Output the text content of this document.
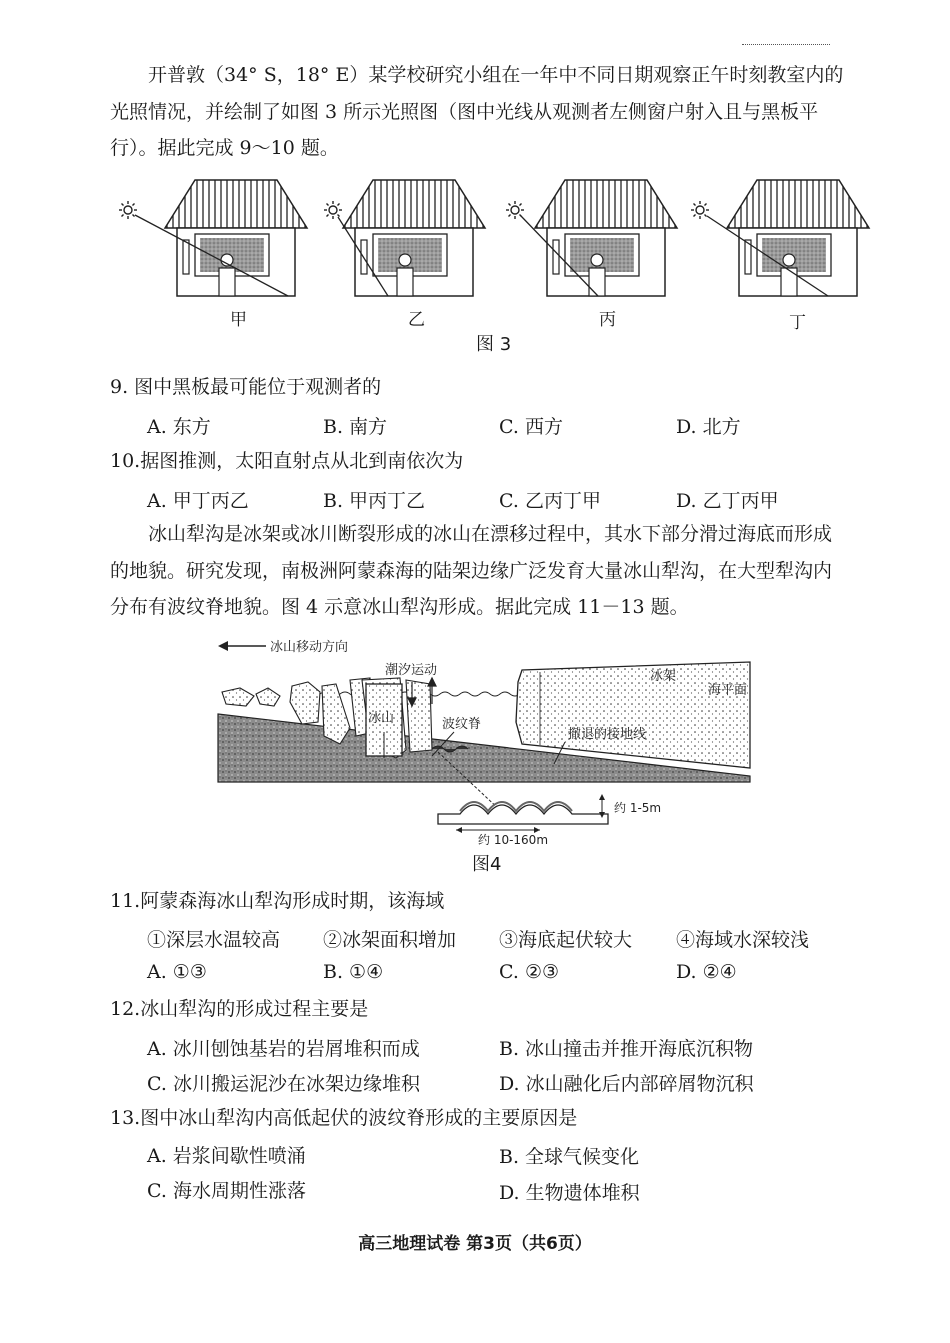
开普敦（34° S，18° E）某学校研究小组在一年中不同日期观察正午时刻教室内的
光照情况，并绘制了如图 3 所示光照图（图中光线从观测者左侧窗户射入且与黑板平
行）。据此完成 9～10 题。
甲	乙	丙	丁
图 3
9. 图中黑板最可能位于观测者的
A. 东方	B. 南方	C. 西方	D. 北方
10.据图推测，太阳直射点从北到南依次为
A. 甲丁丙乙	B. 甲丙丁乙	C. 乙丙丁甲	D. 乙丁丙甲
冰山犁沟是冰架或冰川断裂形成的冰山在漂移过程中，其水下部分滑过海底而形成
的地貌。研究发现，南极洲阿蒙森海的陆架边缘广泛发育大量冰山犁沟，在大型犁沟内
分布有波纹脊地貌。图 4 示意冰山犁沟形成。据此完成 11－13 题。
冰山移动方向
冰架
海平面
冰山
潮汐运动
波纹脊
撤退的接地线
约 1-5m
约 10-160m
图4
11.阿蒙森海冰山犁沟形成时期，该海域
①深层水温较高 ②冰架面积增加 ③海底起伏较大 ④海域水深较浅
A. ①③	B. ①④	C. ②③	D. ②④
12.冰山犁沟的形成过程主要是
A. 冰川刨蚀基岩的岩屑堆积而成	B. 冰山撞击并推开海底沉积物
C. 冰川搬运泥沙在冰架边缘堆积	D. 冰山融化后内部碎屑物沉积
13.图中冰山犁沟内高低起伏的波纹脊形成的主要原因是
A. 岩浆间歇性喷涌	B. 全球气候变化
C. 海水周期性涨落	D. 生物遗体堆积
高三地理试卷 第3页（共6页）
